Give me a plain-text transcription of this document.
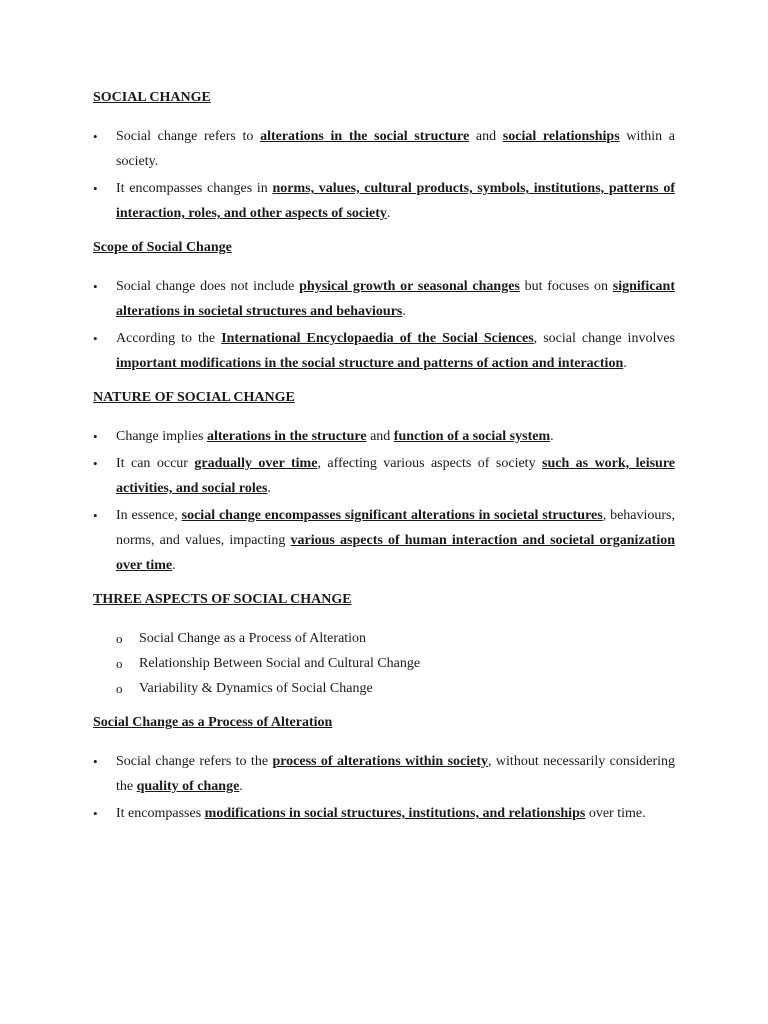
SOCIAL CHANGE

• Social change refers to alterations in the social structure and social relationships within a society.
• It encompasses changes in norms, values, cultural products, symbols, institutions, patterns of interaction, roles, and other aspects of society.

Scope of Social Change

• Social change does not include physical growth or seasonal changes but focuses on significant alterations in societal structures and behaviours.
• According to the International Encyclopaedia of the Social Sciences, social change involves important modifications in the social structure and patterns of action and interaction.

NATURE OF SOCIAL CHANGE

• Change implies alterations in the structure and function of a social system.
• It can occur gradually over time, affecting various aspects of society such as work, leisure activities, and social roles.
• In essence, social change encompasses significant alterations in societal structures, behaviours, norms, and values, impacting various aspects of human interaction and societal organization over time.

THREE ASPECTS OF SOCIAL CHANGE

o Social Change as a Process of Alteration
o Relationship Between Social and Cultural Change
o Variability & Dynamics of Social Change

Social Change as a Process of Alteration

• Social change refers to the process of alterations within society, without necessarily considering the quality of change.
• It encompasses modifications in social structures, institutions, and relationships over time.
